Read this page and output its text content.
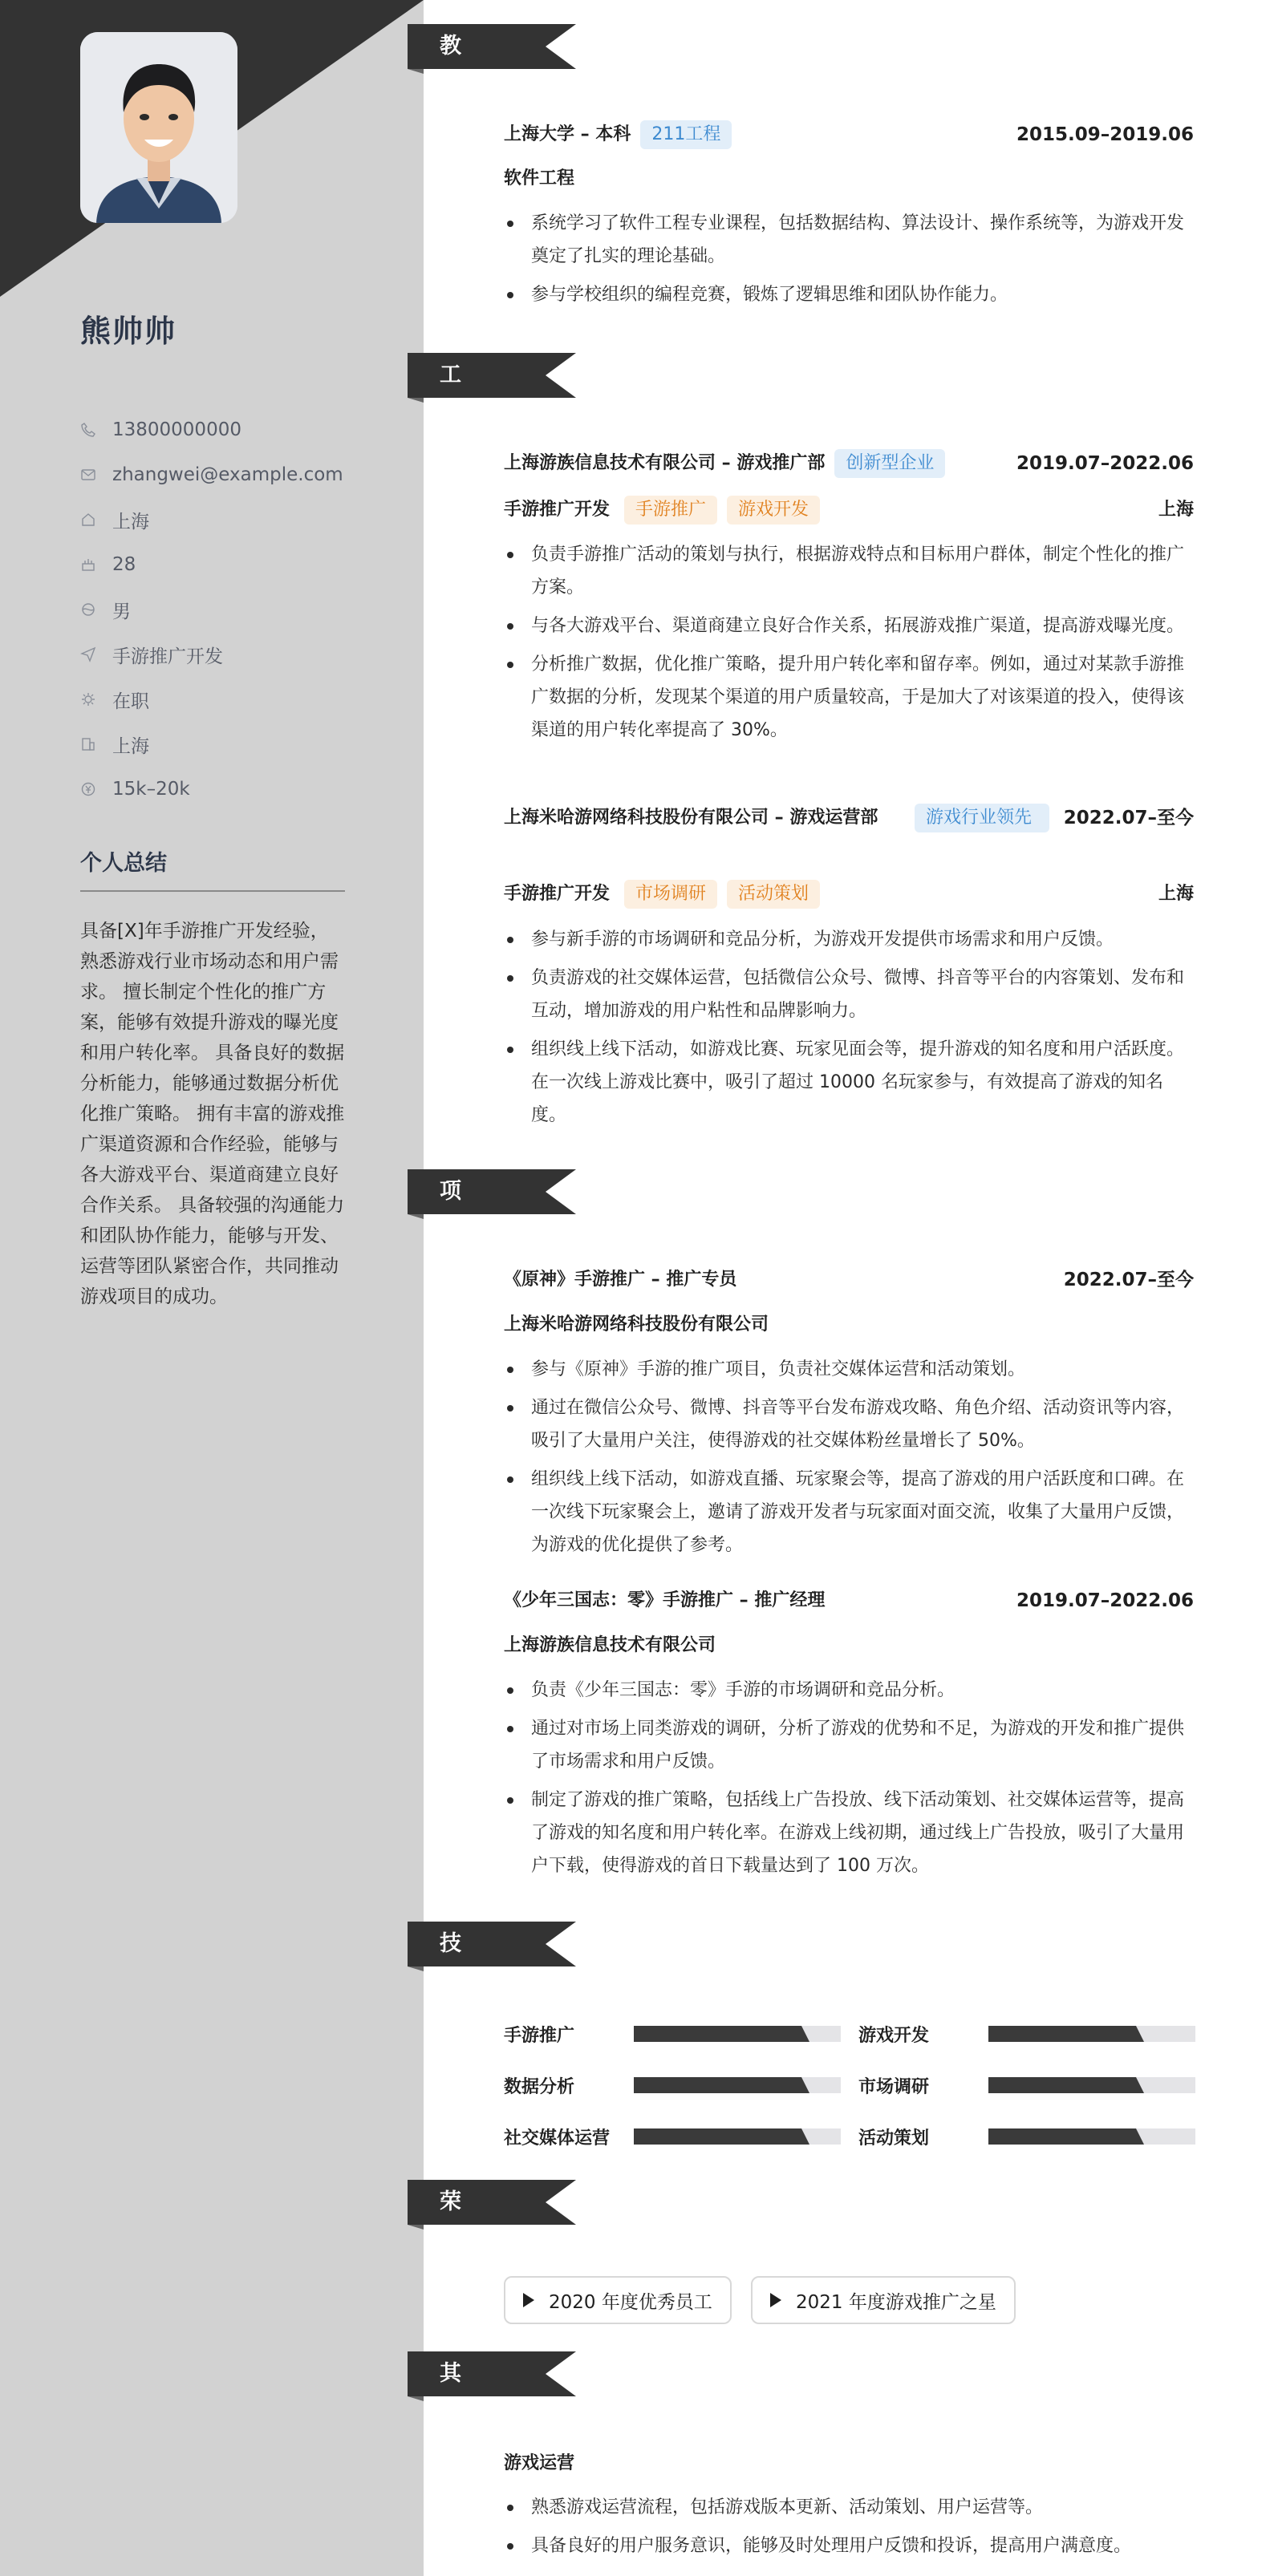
熊帅帅
13800000000
zhangwei@example.com
上海
28
男
手游推广开发
在职
上海
15k–20k
个人总结
具备[X]年手游推广开发经验，熟悉游戏行业市场动态和用户需求。 擅长制定个性化的推广方案，能够有效提升游戏的曝光度和用户转化率。 具备良好的数据分析能力，能够通过数据分析优化推广策略。 拥有丰富的游戏推广渠道资源和合作经验，能够与各大游戏平台、渠道商建立良好合作关系。 具备较强的沟通能力和团队协作能力，能够与开发、运营等团队紧密合作，共同推动游戏项目的成功。
教育经历
上海大学 – 本科	211工程	2015.09–2019.06
软件工程
系统学习了软件工程专业课程，包括数据结构、算法设计、操作系统等，为游戏开发奠定了扎实的理论基础。
参与学校组织的编程竞赛，锻炼了逻辑思维和团队协作能力。
工作经历
上海游族信息技术有限公司 – 游戏推广部	创新型企业	2019.07–2022.06
手游推广开发	手游推广	游戏开发	上海
负责手游推广活动的策划与执行，根据游戏特点和目标用户群体，制定个性化的推广方案。
与各大游戏平台、渠道商建立良好合作关系，拓展游戏推广渠道，提高游戏曝光度。
分析推广数据，优化推广策略，提升用户转化率和留存率。例如，通过对某款手游推广数据的分析，发现某个渠道的用户质量较高，于是加大了对该渠道的投入，使得该渠道的用户转化率提高了 30%。
上海米哈游网络科技股份有限公司 – 游戏运营部	游戏行业领先	2022.07–至今
手游推广开发	市场调研	活动策划	上海
参与新手游的市场调研和竞品分析，为游戏开发提供市场需求和用户反馈。
负责游戏的社交媒体运营，包括微信公众号、微博、抖音等平台的内容策划、发布和互动，增加游戏的用户粘性和品牌影响力。
组织线上线下活动，如游戏比赛、玩家见面会等，提升游戏的知名度和用户活跃度。在一次线上游戏比赛中，吸引了超过 10000 名玩家参与，有效提高了游戏的知名度。
项目经历
《原神》手游推广 – 推广专员	2022.07–至今
上海米哈游网络科技股份有限公司
参与《原神》手游的推广项目，负责社交媒体运营和活动策划。
通过在微信公众号、微博、抖音等平台发布游戏攻略、角色介绍、活动资讯等内容，吸引了大量用户关注，使得游戏的社交媒体粉丝量增长了 50%。
组织线上线下活动，如游戏直播、玩家聚会等，提高了游戏的用户活跃度和口碑。在一次线下玩家聚会上，邀请了游戏开发者与玩家面对面交流，收集了大量用户反馈，为游戏的优化提供了参考。
《少年三国志：零》手游推广 – 推广经理	2019.07–2022.06
上海游族信息技术有限公司
负责《少年三国志：零》手游的市场调研和竞品分析。
通过对市场上同类游戏的调研，分析了游戏的优势和不足，为游戏的开发和推广提供了市场需求和用户反馈。
制定了游戏的推广策略，包括线上广告投放、线下活动策划、社交媒体运营等，提高了游戏的知名度和用户转化率。在游戏上线初期，通过线上广告投放，吸引了大量用户下载，使得游戏的首日下载量达到了 100 万次。
技能专长
手游推广	游戏开发
数据分析	市场调研
社交媒体运营	活动策划
荣誉奖项
2020 年度优秀员工	2021 年度游戏推广之星
其他信息
游戏运营
熟悉游戏运营流程，包括游戏版本更新、活动策划、用户运营等。
具备良好的用户服务意识，能够及时处理用户反馈和投诉，提高用户满意度。
